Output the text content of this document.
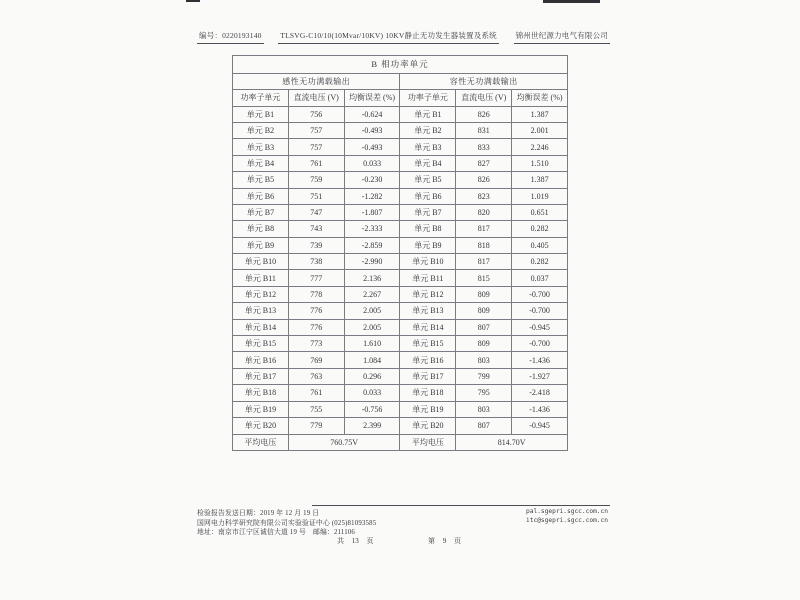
编号：0220193140 TLSVG-C10/10(10Mvar/10KV) 10KV静止无功发生器装置及系统 锦州世纪源力电气有限公司
B 相功率单元					
感性无功满载输出			容性无功满载输出		
功率子单元	直流电压 (V)	均衡误差 (%)	功率子单元	直流电压 (V)	均衡误差 (%)
单元 B1	756	-0.624	单元 B1	826	1.387
单元 B2	757	-0.493	单元 B2	831	2.001
单元 B3	757	-0.493	单元 B3	833	2.246
单元 B4	761	0.033	单元 B4	827	1.510
单元 B5	759	-0.230	单元 B5	826	1.387
单元 B6	751	-1.282	单元 B6	823	1.019
单元 B7	747	-1.807	单元 B7	820	0.651
单元 B8	743	-2.333	单元 B8	817	0.282
单元 B9	739	-2.859	单元 B9	818	0.405
单元 B10	738	-2.990	单元 B10	817	0.282
单元 B11	777	2.136	单元 B11	815	0.037
单元 B12	778	2.267	单元 B12	809	-0.700
单元 B13	776	2.005	单元 B13	809	-0.700
单元 B14	776	2.005	单元 B14	807	-0.945
单元 B15	773	1.610	单元 B15	809	-0.700
单元 B16	769	1.084	单元 B16	803	-1.436
单元 B17	763	0.296	单元 B17	799	-1.927
单元 B18	761	0.033	单元 B18	795	-2.418
单元 B19	755	-0.756	单元 B19	803	-1.436
单元 B20	779	2.399	单元 B20	807	-0.945
平均电压	760.75V		平均电压	814.70V	
检验报告发送日期：2019 年 12 月 19 日
国网电力科学研究院有限公司实验验证中心 (025)81093585
地址：南京市江宁区诚信大道 19 号　邮编：211106
pal.sgepri.sgcc.com.cn
itc@sgepri.sgcc.com.cn
共 13 页	第 9 页
